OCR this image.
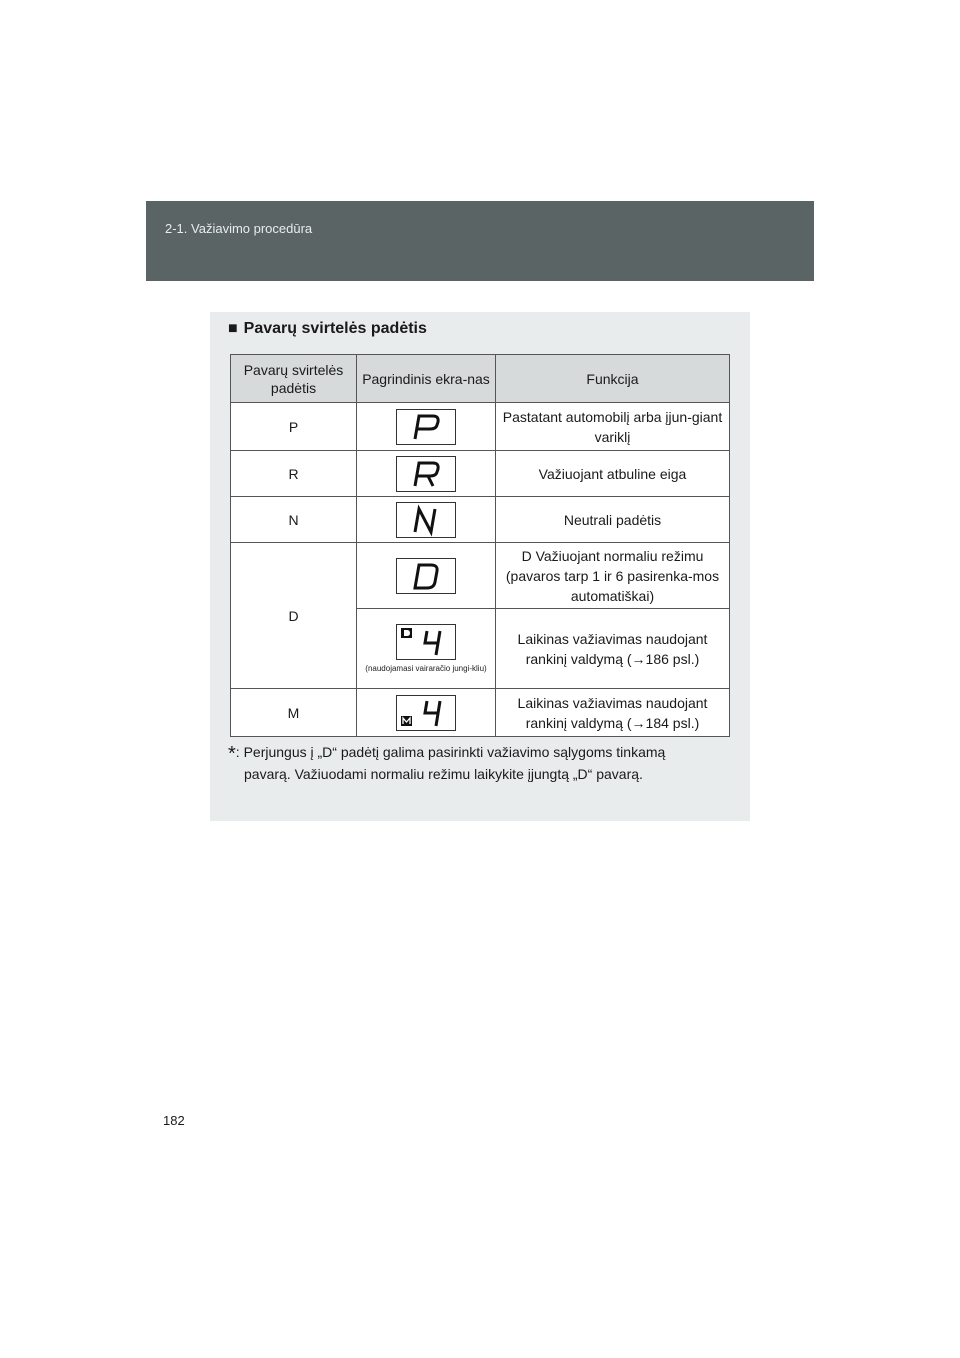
2-1. Važiavimo procedūra
■ Pavarų svirtelės padėtis
Pavarų svirtelės padėtis	Pagrindinis ekra-nas	Funkcija
P		Pastatant automobilį arba įjun-giant variklį
R		Važiuojant atbuline eiga
N		Neutrali padėtis
D		D Važiuojant normaliu režimu (pavaros tarp 1 ir 6 pasirenka-mos automatiškai)

	(naudojamasi vairaračio jungi-kliu)	Laikinas važiavimas naudojant rankinį valdymą (→186 psl.)
M		Laikinas važiavimas naudojant rankinį valdymą (→184 psl.)
*: Perjungus į „D“ padėtį galima pasirinkti važiavimo sąlygoms tinkamą
pavarą. Važiuodami normaliu režimu laikykite įjungtą „D“ pavarą.
182
